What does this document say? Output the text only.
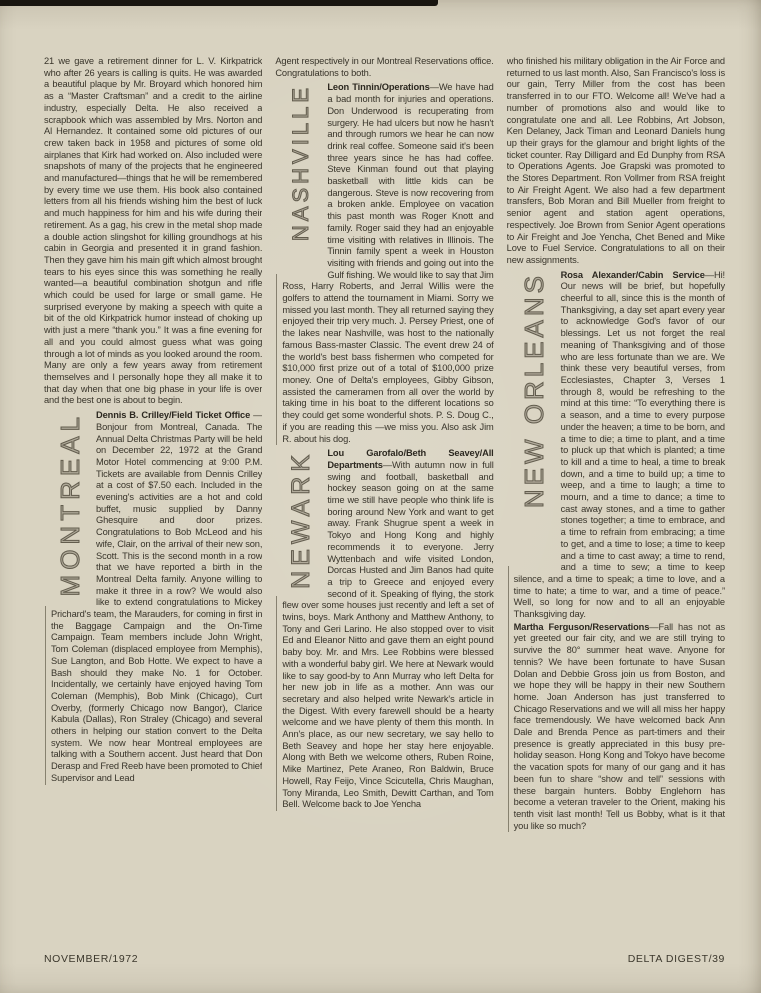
21 we gave a retirement dinner for L. V. Kirkpatrick who after 26 years is calling is quits. He was awarded a beautiful plaque by Mr. Broyard which honored him as a “Master Craftsman” and a credit to the airline industry, especially Delta. He also received a scrapbook which was assembled by Mrs. Norton and Al Hernandez. It contained some old pictures of our crew taken back in 1958 and pictures of some old airplanes that Kirk had worked on. Also included were snapshots of many of the projects that he engineered and manufactured—things that he will be remembered by every time we use them. His book also contained letters from all his friends wishing him the best of luck and much happiness for him and his wife during their retirement. As a gag, his crew in the metal shop made a double action slingshot for killing groundhogs at his cabin in Georgia and presented it in grand fashion. Then they gave him his main gift which almost brought tears to his eyes since this was something he really wanted—a beautiful combination shotgun and rifle which could be used for large or small game. He surprised everyone by making a speech with quite a bit of the old Kirkpatrick humor instead of choking up with just a mere “thank you.” It was a fine evening for all and you could almost guess what was going through a lot of minds as you looked around the room. Many are only a few years away from retirement themselves and I personally hope they all make it to that day when that one big phase in your life is over and the best one is about to begin.

MONTREAL	Dennis B. Crilley/Field Ticket Office — Bonjour from Montreal, Canada. The Annual Delta Christmas Party will be held on December 22, 1972 at the Grand Motor Hotel commencing at 9:00 P.M. Tickets are available from Dennis Crilley at a cost of $7.50 each. Included in the evening's activities are a hot and cold buffet, music supplied by Danny Ghesquire and door prizes. Congratulations to Bob McLeod and his wife, Clair, on the arrival of their new son, Scott. This is the second month in a row that we have reported a birth in the Montreal Delta family. Anyone willing to make it three in a row? We would also like to extend congratulations to Mickey Prichard's team, the Marauders, for coming in first in the Baggage Campaign and the On-Time Campaign. Team members include John Wright, Tom Coleman (displaced employee from Memphis), Sue Langton, and Bob Hotte. We expect to have a Bash should they make No. 1 for October. Incidentally, we certainly have enjoyed having Tom Coleman (Memphis), Bob Mink (Chicago), Curt Overby, (formerly Chicago now Bangor), Clarice Kabula (Dallas), Ron Straley (Chicago) and several others in helping our station convert to the Delta system. We now hear Montreal employees are talking with a Southern accent. Just heard that Don Derasp and Fred Reeb have been promoted to Chief Supervisor and Lead

Agent respectively in our Montreal Reservations office. Congratulations to both.

NASHVILLE	Leon Tinnin/Operations—We have had a bad month for injuries and operations. Don Underwood is recuperating from surgery. He had ulcers but now he hasn't and through rumors we hear he can now drink real coffee. Someone said it's been three years since he has had coffee. Steve Kinman found out that playing basketball with little kids can be dangerous. Steve is now recovering from a broken ankle. Employee on vacation this past month was Roger Knott and family. Roger said they had an enjoyable time visiting with relatives in Illinois. The Tinnin family spent a week in Houston visiting with friends and going out into the Gulf fishing. We would like to say that Jim Ross, Harry Roberts, and Jerral Willis were the golfers to attend the tournament in Miami. Sorry we missed you last month. They all returned saying they enjoyed their trip very much. J. Persey Priest, one of the lakes near Nashville, was host to the nationally famous Bass-master Classic. The event drew 24 of the world's best bass fishermen who competed for $10,000 first prize out of a total of $100,000 prize money. One of Delta's employees, Gibby Gibson, assisted the cameramen from all over the world by taking time in his boat to the different locations so they could get some wonderful shots. P. S. Doug C., if you are reading this —we miss you. Also ask Jim R. about his dog.

NEWARK	Lou Garofalo/Beth Seavey/All Departments—With autumn now in full swing and football, basketball and hockey season going on at the same time we still have people who think life is boring around New York and want to get away. Frank Shugrue spent a week in Tokyo and Hong Kong and highly recommends it to everyone. Jerry Wyttenbach and wife visited London, Dorcas Husted and Jim Banos had quite a trip to Greece and enjoyed every second of it. Speaking of flying, the stork flew over some houses just recently and left a set of twins, boys. Mark Anthony and Matthew Anthony, to Tony and Geri Larino. He also stopped over to visit Ed and Eleanor Nitto and gave them an eight pound baby boy. Mr. and Mrs. Lee Robbins were blessed with a wonderful baby girl. We here at Newark would like to say good-by to Ann Murray who left Delta for her new job in life as a mother. Ann was our secretary and also helped write Newark's article in the Digest. With every farewell should be a hearty welcome and we have plenty of them this month. In Ann's place, as our new secretary, we say hello to Beth Seavey and hope her stay here enjoyable. Along with Beth we welcome others, Ruben Roine, Mike Martinez, Pete Araneo, Ron Baldwin, Bruce Howell, Ray Feijo, Vince Scicutella, Chris Maughan, Tony Miranda, Leo Smith, Dewitt Carthan, and Tom Bell. Welcome back to Joe Yencha

who finished his military obligation in the Air Force and returned to us last month. Also, San Francisco's loss is our gain, Terry Miller from the cost has been transferred in to our FTO. Welcome all! We've had a number of promotions also and would like to congratulate one and all. Lee Robbins, Art Jobson, Ken Delaney, Jack Timan and Leonard Daniels hung up their grays for the glamour and bright lights of the ticket counter. Ray Dilligard and Ed Dunphy from RSA to Operations Agents. Joe Grapski was promoted to the Stores Department. Ron Vollmer from RSA freight to Air Freight Agent. We also had a few department transfers, Bob Moran and Bill Mueller from freight to senior agent and station agent operations, respectively. Joe Brown from Senior Agent operations to Air Freight and Joe Yencha, Chet Bened and Mike Love to Fuel Service. Congratulations to all on their new assignments.

NEW ORLEANS	Rosa Alexander/Cabin Service—Hi! Our news will be brief, but hopefully cheerful to all, since this is the month of Thanksgiving, a day set apart every year to acknowledge God's favor of our blessings. Let us not forget the real meaning of Thanksgiving and of those who are less fortunate than we are. We think these very beautiful verses, from Ecclesiastes, Chapter 3, Verses 1 through 8, would be refreshing to the mind at this time: “To everything there is a season, and a time to every purpose under the heaven; a time to be born, and a time to die; a time to plant, and a time to pluck up that which is planted; a time to kill and a time to heal, a time to break down, and a time to build up; a time to weep, and a time to laugh; a time to mourn, and a time to dance; a time to cast away stones, and a time to gather stones together; a time to embrace, and a time to refrain from embracing; a time to get, and a time to lose; a time to keep and a time to cast away; a time to rend, and a time to sew; a time to keep silence, and a time to speak; a time to love, and a time to hate; a time to war, and a time of peace.” Well, so long for now and to all an enjoyable Thanksgiving day.

Martha Ferguson/Reservations—Fall has not as yet greeted our fair city, and we are still trying to survive the 80° summer heat wave. Anyone for tennis? We have been fortunate to have Susan Dolan and Debbie Gross join us from Boston, and we hope they will be happy in their new Southern home. Joan Anderson has just transferred to Chicago Reservations and we will all miss her happy face tremendously. We have welcomed back Ann Dale and Brenda Pence as part-timers and their presence is greatly appreciated in this busy pre-holiday season. Hong Kong and Tokyo have become the vacation spots for many of our gang and it has been fun to share “show and tell” sessions with these bargain hunters. Bobby Englehorn has become a veteran traveler to the Orient, making his tenth visit last month! Tell us Bobby, what is it that you like so much?

NOVEMBER/1972	DELTA DIGEST/39
